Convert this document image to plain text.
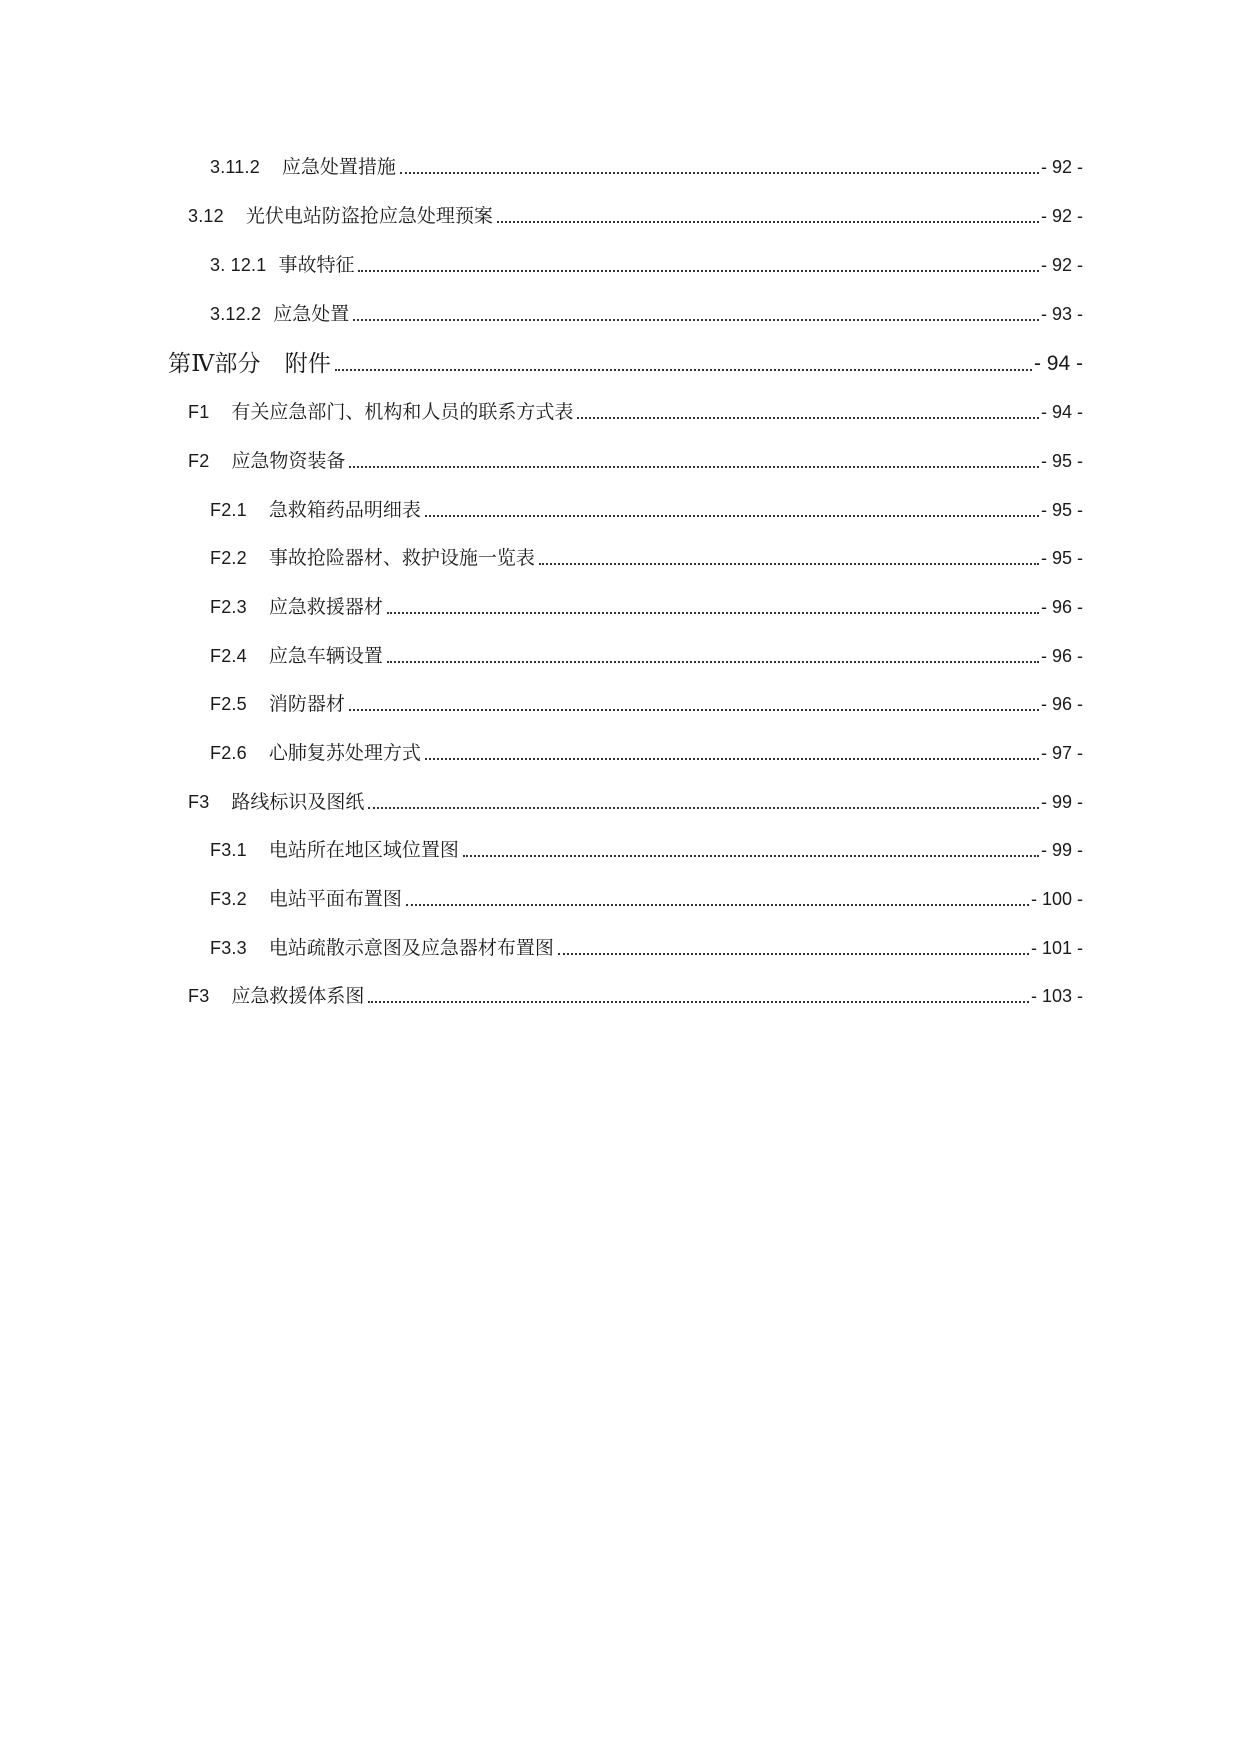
3.11.2 应急处置措施	- 92 -
3.12 光伏电站防盗抢应急处理预案	- 92 -
3. 12.1 事故特征	- 92 -
3.12.2 应急处置	- 93 -
第Ⅳ部分 附件	- 94 -
F1 有关应急部门、机构和人员的联系方式表	- 94 -
F2 应急物资装备	- 95 -
F2.1 急救箱药品明细表	- 95 -
F2.2 事故抢险器材、救护设施一览表	- 95 -
F2.3 应急救援器材	- 96 -
F2.4 应急车辆设置	- 96 -
F2.5 消防器材	- 96 -
F2.6 心肺复苏处理方式	- 97 -
F3 路线标识及图纸	- 99 -
F3.1 电站所在地区域位置图	- 99 -
F3.2 电站平面布置图	- 100 -
F3.3 电站疏散示意图及应急器材布置图	- 101 -
F3 应急救援体系图	- 103 -
